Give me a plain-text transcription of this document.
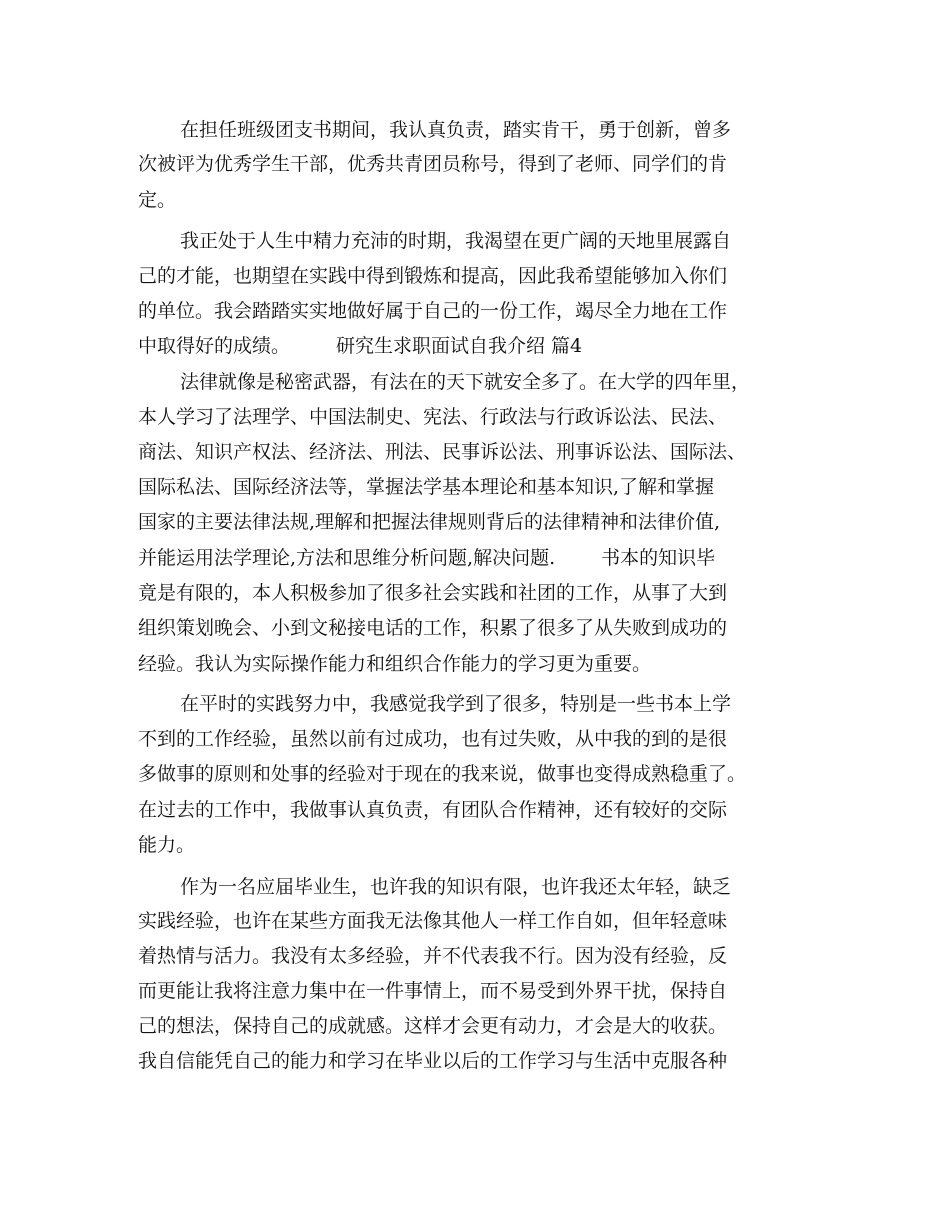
在担任班级团支书期间，我认真负责，踏实肯干，勇于创新，曾多
次被评为优秀学生干部，优秀共青团员称号，得到了老师、同学们的肯
定。
我正处于人生中精力充沛的时期，我渴望在更广阔的天地里展露自
己的才能，也期望在实践中得到锻炼和提高，因此我希望能够加入你们
的单位。我会踏踏实实地做好属于自己的一份工作，竭尽全力地在工作
中取得好的成绩。 研究生求职面试自我介绍 篇4
法律就像是秘密武器，有法在的天下就安全多了。在大学的四年里，
本人学习了法理学、中国法制史、宪法、行政法与行政诉讼法、民法、
商法、知识产权法、经济法、刑法、民事诉讼法、刑事诉讼法、国际法、
国际私法、国际经济法等，掌握法学基本理论和基本知识,了解和掌握
国家的主要法律法规,理解和把握法律规则背后的法律精神和法律价值,
并能运用法学理论,方法和思维分析问题,解决问题. 书本的知识毕
竟是有限的，本人积极参加了很多社会实践和社团的工作，从事了大到
组织策划晚会、小到文秘接电话的工作，积累了很多了从失败到成功的
经验。我认为实际操作能力和组织合作能力的学习更为重要。
在平时的实践努力中，我感觉我学到了很多，特别是一些书本上学
不到的工作经验，虽然以前有过成功，也有过失败，从中我的到的是很
多做事的原则和处事的经验对于现在的我来说，做事也变得成熟稳重了。
在过去的工作中，我做事认真负责，有团队合作精神，还有较好的交际
能力。
作为一名应届毕业生，也许我的知识有限，也许我还太年轻，缺乏
实践经验，也许在某些方面我无法像其他人一样工作自如，但年轻意味
着热情与活力。我没有太多经验，并不代表我不行。因为没有经验，反
而更能让我将注意力集中在一件事情上，而不易受到外界干扰，保持自
己的想法，保持自己的成就感。这样才会更有动力，才会是大的收获。
我自信能凭自己的能力和学习在毕业以后的工作学习与生活中克服各种
